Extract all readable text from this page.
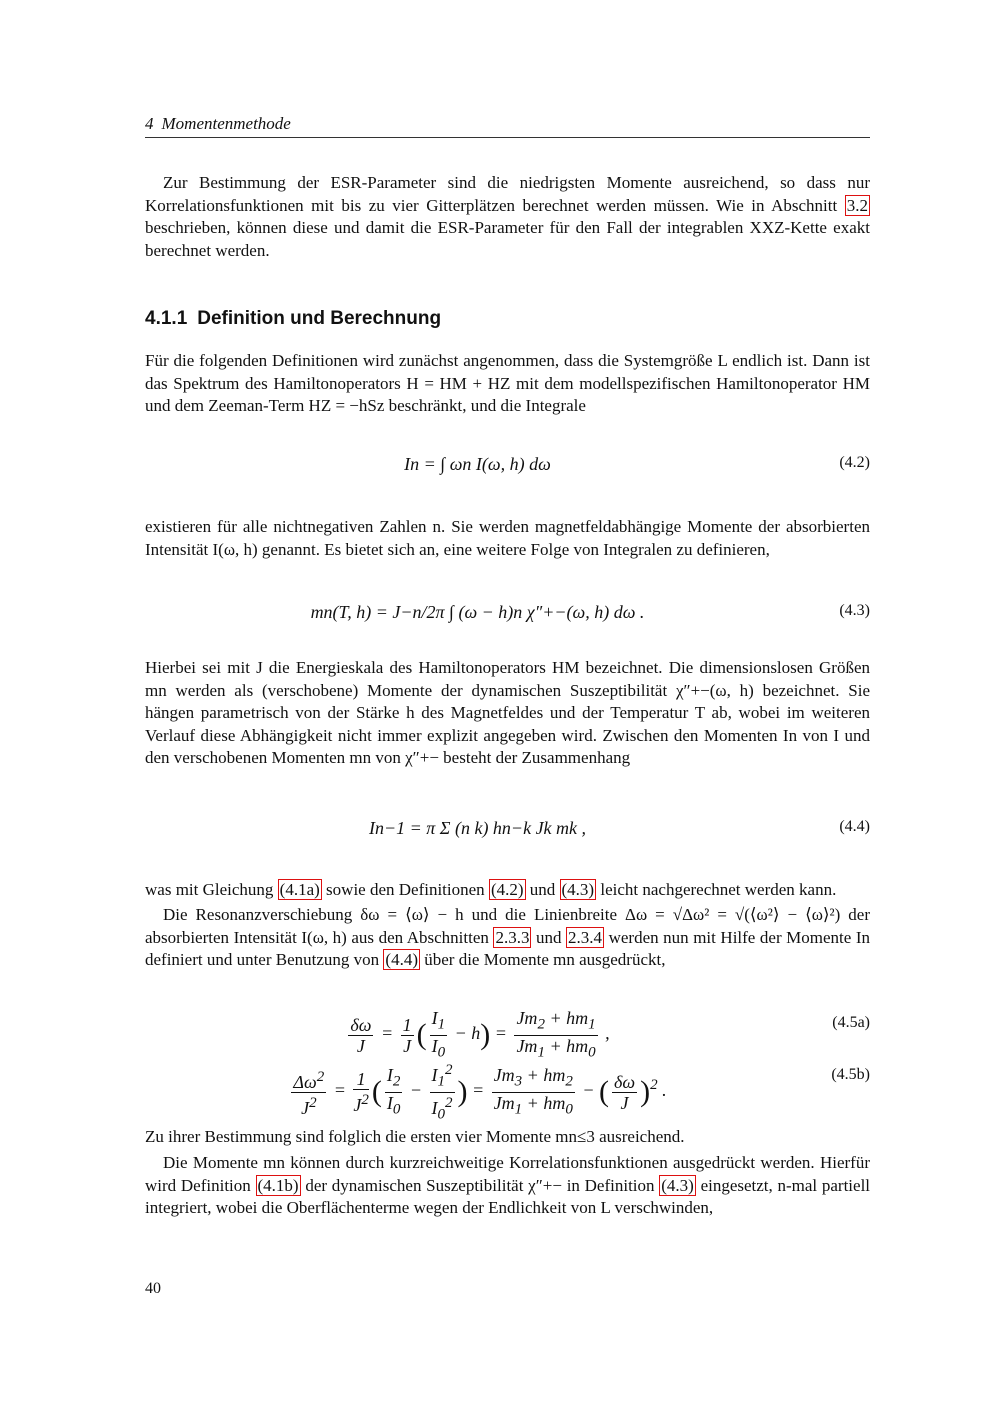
4 Momentenmethode

Zur Bestimmung der ESR-Parameter sind die niedrigsten Momente ausreichend, so dass nur Korrelationsfunktionen mit bis zu vier Gitterplätzen berechnet werden müssen. Wie in Abschnitt 3.2 beschrieben, können diese und damit die ESR-Parameter für den Fall der integrablen XXZ-Kette exakt berechnet werden.

4.1.1 Definition und Berechnung

Für die folgenden Definitionen wird zunächst angenommen, dass die Systemgröße L endlich ist. Dann ist das Spektrum des Hamiltonoperators H = HM + HZ mit dem modellspezifischen Hamiltonoperator HM und dem Zeeman-Term HZ = −hSz beschränkt, und die Integrale

In = ∫ ωn I(ω, h) dω	(4.2)

existieren für alle nichtnegativen Zahlen n. Sie werden magnetfeldabhängige Momente der absorbierten Intensität I(ω, h) genannt. Es bietet sich an, eine weitere Folge von Integralen zu definieren,

mn(T, h) = J−n/2π ∫ (ω − h)n χ″+−(ω, h) dω .	(4.3)

Hierbei sei mit J die Energieskala des Hamiltonoperators HM bezeichnet. Die dimensionslosen Größen mn werden als (verschobene) Momente der dynamischen Suszeptibilität χ″+−(ω, h) bezeichnet. Sie hängen parametrisch von der Stärke h des Magnetfeldes und der Temperatur T ab, wobei im weiteren Verlauf diese Abhängigkeit nicht immer explizit angegeben wird. Zwischen den Momenten In von I und den verschobenen Momenten mn von χ″+− besteht der Zusammenhang

In−1 = π Σ (n k) hn−k Jk mk ,	(4.4)

was mit Gleichung (4.1a) sowie den Definitionen (4.2) und (4.3) leicht nachgerechnet werden kann.

Die Resonanzverschiebung δω = ⟨ω⟩ − h und die Linienbreite Δω = √Δω² = √(⟨ω²⟩ − ⟨ω⟩²) der absorbierten Intensität I(ω, h) aus den Abschnitten 2.3.3 und 2.3.4 werden nun mit Hilfe der Momente In definiert und unter Benutzung von (4.4) über die Momente mn ausgedrückt,

$\frac{\delta\omega}{J} = \frac{1}{J}$ ( $\frac{I_1}{I_0} - h) = \frac{Jm_2 + hm_1}{Jm_1 + hm_0}$ ,
(4.5a)
$\frac{\Delta\omega^2}{J^2} = \frac{1}{J^2}$ ( $\frac{I_2}{I_0} - \frac{I_1^2}{I_0^2}$ ) = $\frac{Jm_3 + hm_2}{Jm_1 + hm_0}$ − ( $\frac{\delta\omega}{J} )^2$ .
(4.5b)

Zu ihrer Bestimmung sind folglich die ersten vier Momente mn≤3 ausreichend.

Die Momente mn können durch kurzreichweitige Korrelationsfunktionen ausgedrückt werden. Hierfür wird Definition (4.1b) der dynamischen Suszeptibilität χ″+− in Definition (4.3) eingesetzt, n-mal partiell integriert, wobei die Oberflächenterme wegen der Endlichkeit von L verschwinden,

40
